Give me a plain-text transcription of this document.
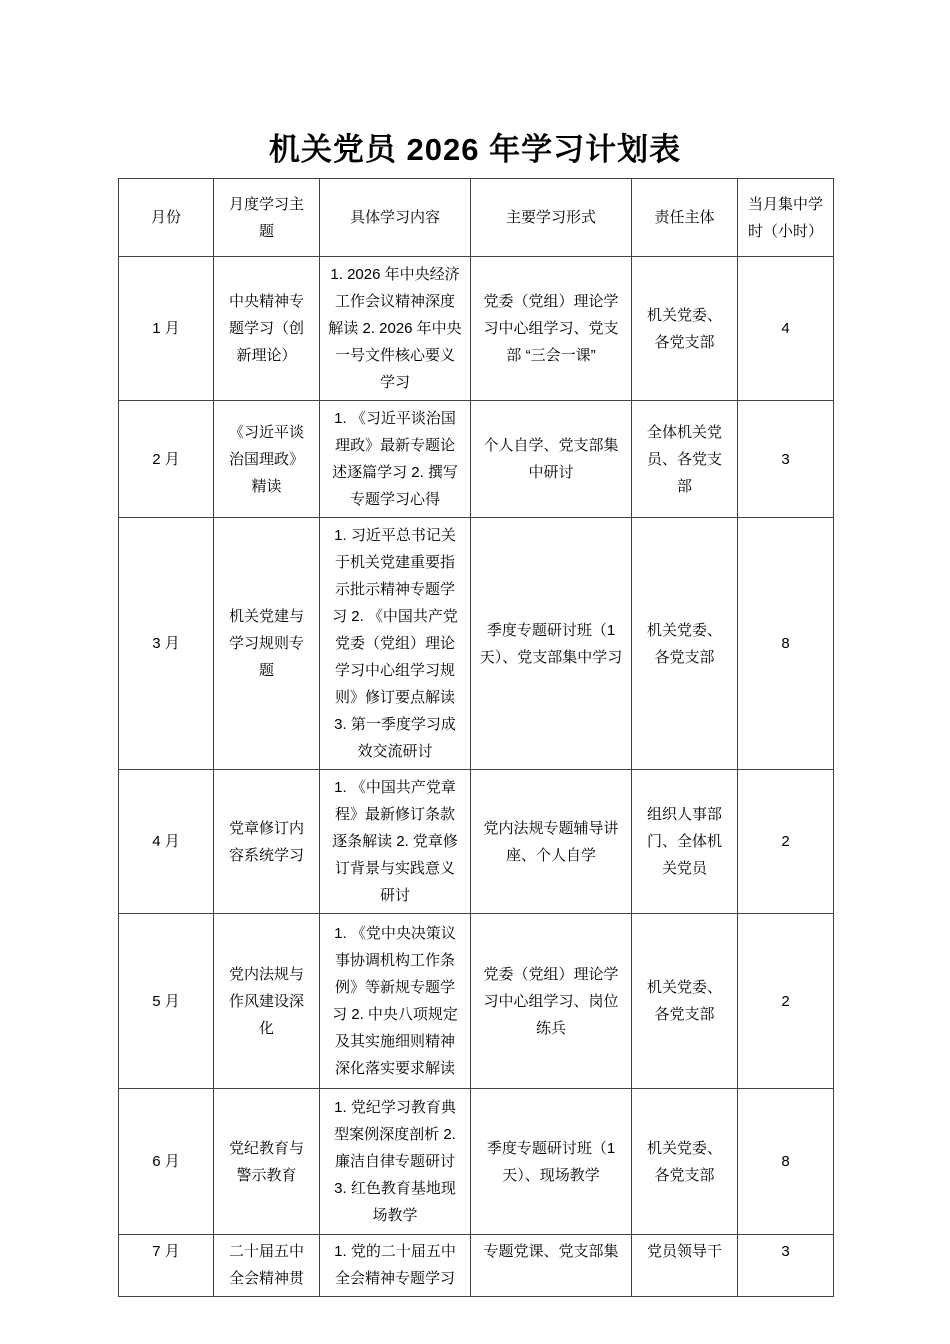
机关党员 2026 年学习计划表
月份	月度学习主题	具体学习内容	主要学习形式	责任主体	当月集中学时（小时）
1 月	中央精神专题学习（创新理论）	1. 2026 年中央经济工作会议精神深度解读 2. 2026 年中央一号文件核心要义学习	党委（党组）理论学习中心组学习、党支部 “三会一课”	机关党委、各党支部	4
2 月	《习近平谈治国理政》精读	1. 《习近平谈治国理政》最新专题论述逐篇学习 2. 撰写专题学习心得	个人自学、党支部集中研讨	全体机关党员、各党支部	3
3 月	机关党建与学习规则专题	1. 习近平总书记关于机关党建重要指示批示精神专题学习 2. 《中国共产党党委（党组）理论学习中心组学习规则》修订要点解读 3. 第一季度学习成效交流研讨	季度专题研讨班（1 天）、党支部集中学习	机关党委、各党支部	8
4 月	党章修订内容系统学习	1. 《中国共产党章程》最新修订条款逐条解读 2. 党章修订背景与实践意义研讨	党内法规专题辅导讲座、个人自学	组织人事部门、全体机关党员	2
5 月	党内法规与作风建设深化	1. 《党中央决策议事协调机构工作条例》等新规专题学习 2. 中央八项规定及其实施细则精神深化落实要求解读	党委（党组）理论学习中心组学习、岗位练兵	机关党委、各党支部	2
6 月	党纪教育与警示教育	1. 党纪学习教育典型案例深度剖析 2. 廉洁自律专题研讨 3. 红色教育基地现场教学	季度专题研讨班（1 天）、现场教学	机关党委、各党支部	8
7 月	二十届五中全会精神贯	1. 党的二十届五中全会精神专题学习	专题党课、党支部集	党员领导干	3
